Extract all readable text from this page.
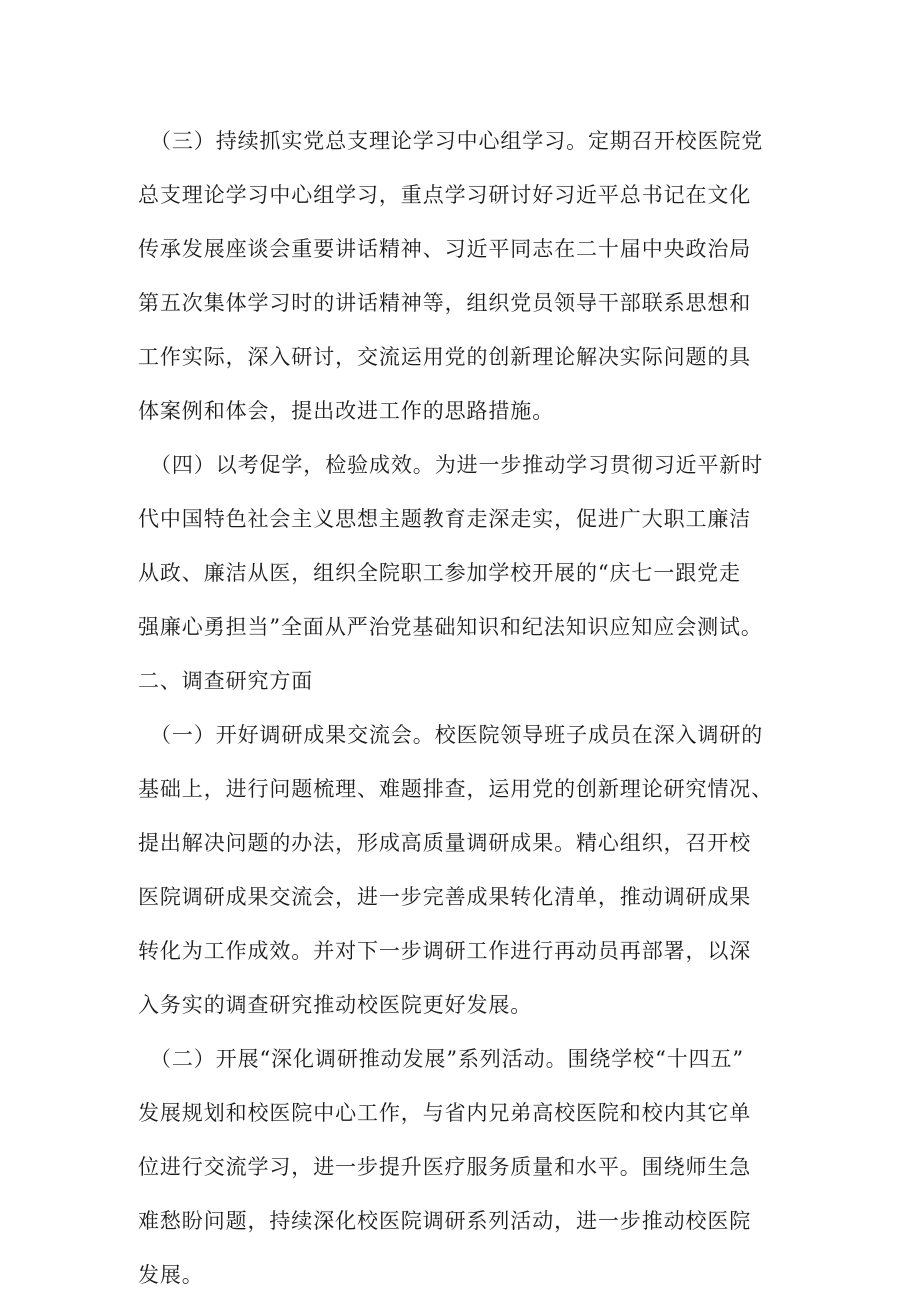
（三）持续抓实党总支理论学习中心组学习。定期召开校医院党
总支理论学习中心组学习，重点学习研讨好习近平总书记在文化
传承发展座谈会重要讲话精神、习近平同志在二十届中央政治局
第五次集体学习时的讲话精神等，组织党员领导干部联系思想和
工作实际，深入研讨，交流运用党的创新理论解决实际问题的具
体案例和体会，提出改进工作的思路措施。
（四）以考促学，检验成效。为进一步推动学习贯彻习近平新时
代中国特色社会主义思想主题教育走深走实，促进广大职工廉洁
从政、廉洁从医，组织全院职工参加学校开展的“庆七一跟党走
强廉心勇担当”全面从严治党基础知识和纪法知识应知应会测试。
二、调查研究方面
（一）开好调研成果交流会。校医院领导班子成员在深入调研的
基础上，进行问题梳理、难题排查，运用党的创新理论研究情况、
提出解决问题的办法，形成高质量调研成果。精心组织，召开校
医院调研成果交流会，进一步完善成果转化清单，推动调研成果
转化为工作成效。并对下一步调研工作进行再动员再部署，以深
入务实的调查研究推动校医院更好发展。
（二）开展“深化调研推动发展”系列活动。围绕学校“十四五”
发展规划和校医院中心工作，与省内兄弟高校医院和校内其它单
位进行交流学习，进一步提升医疗服务质量和水平。围绕师生急
难愁盼问题，持续深化校医院调研系列活动，进一步推动校医院
发展。
